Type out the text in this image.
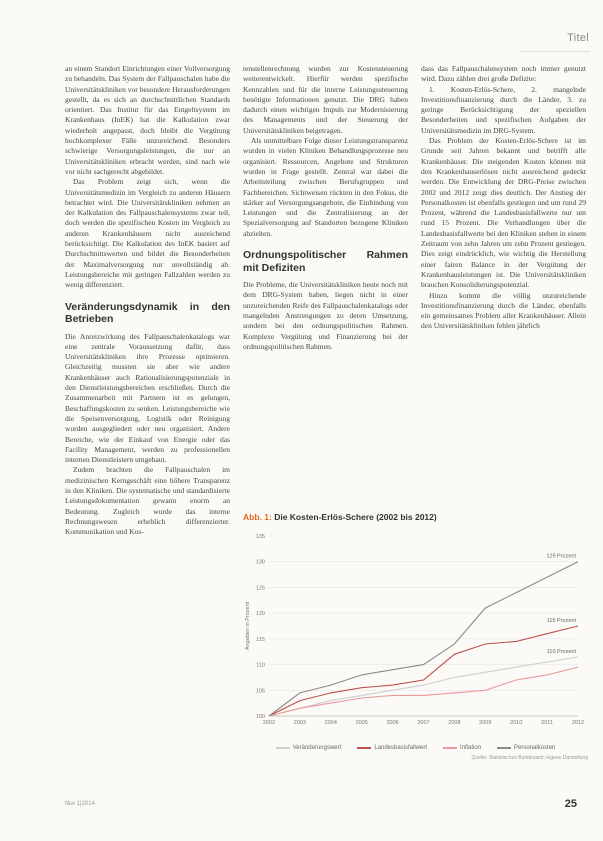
Titel

an einem Standort Einrichtungen einer Vollversorgung zu behandeln. Das System der Fallpauschalen habe die Universitätskliniken vor besondere Herausforderungen gestellt, da es sich an durchschnittlichen Standards orientiert. Das Institut für das Entgeltsystem im Krankenhaus (InEK) hat die Kalkulation zwar wiederholt angepasst, doch bleibt die Vergütung hochkomplexer Fälle unzureichend. Besonders schwierige Versorgungsleistungen, die nur an Universitätskliniken erbracht werden, sind nach wie vor nicht sachgerecht abgebildet.

Das Problem zeigt sich, wenn die Universitätsmedizin im Vergleich zu anderen Häusern betrachtet wird. Die Universitätskliniken nehmen an der Kalkulation des Fallpauschalensystems zwar teil, doch werden die spezifischen Kosten im Vergleich zu anderen Krankenhäusern nicht ausreichend berücksichtigt. Die Kalkulation des InEK basiert auf Durchschnittswerten und bildet die Besonderheiten der Maximalversorgung nur unvollständig ab. Leistungsbereiche mit geringen Fallzahlen werden zu wenig differenziert.

Veränderungsdynamik in den Betrieben

Die Anreizwirkung des Fallpauschalenkatalogs war eine zentrale Voraussetzung dafür, dass Universitätskliniken ihre Prozesse optimieren. Gleichzeitig mussten sie aber wie andere Krankenhäuser auch Rationalisierungspotenziale in den Dienstleistungsbereichen erschließen. Durch die Zusammenarbeit mit Partnern ist es gelungen, Beschaffungskosten zu senken. Leistungsbereiche wie die Speisenversorgung, Logistik oder Reinigung wurden ausgegliedert oder neu organisiert. Andere Bereiche, wie der Einkauf von Energie oder das Facility Management, werden zu professionellen internen Dienstleistern umgebaut.

Zudem brachten die Fallpauschalen im medizinischen Kerngeschäft eine höhere Transparenz in den Kliniken. Die systematische und standardisierte Leistungsdokumentation gewann enorm an Bedeutung. Zugleich wurde das interne Rechnungswesen erheblich differenzierter. Kommunikation und Kos-

tenstellenrechnung wurden zur Kostensteuerung weiterentwickelt. Hierfür werden spezifische Kennzahlen und für die interne Leistungssteuerung benötigte Informationen genutzt. Die DRG haben dadurch einen wichtigen Impuls zur Modernisierung des Managements und der Steuerung der Universitätskliniken beigetragen.

Als unmittelbare Folge dieser Leistungstransparenz wurden in vielen Kliniken Behandlungsprozesse neu organisiert. Ressourcen, Angebote und Strukturen wurden in Frage gestellt. Zentral war dabei die Arbeitsteilung zwischen Berufsgruppen und Fachbereichen. Sichtweisen rückten in den Fokus, die stärker auf Versorgungsangebote, die Einbindung von Leistungen und die Zentralisierung an der Spezialversorgung auf Standorten bezogene Kliniken abzielten.

Ordnungspolitischer Rahmen mit Defiziten

Die Probleme, die Universitätskliniken heute noch mit dem DRG-System haben, liegen nicht in einer unzureichenden Reife des Fallpauschalenkatalogs oder mangelnden Anstrengungen zu deren Umsetzung, sondern bei den ordnungspolitischen Rahmen. Komplexe Vergütung und Finanzierung bei der ordnungspolitischen Rahmen.

dass das Fallpauschalensystem noch immer genutzt wird. Dazu zählen drei große Defizite:

1. Kosten-Erlös-Schere, 2. mangelnde Investitionsfinanzierung durch die Länder, 3. zu geringe Berücksichtigung der speziellen Besonderheiten und spezifischen Aufgaben der Universitätsmedizin im DRG-System.

Das Problem der Kosten-Erlös-Schere ist im Grunde seit Jahren bekannt und betrifft alle Krankenhäuser. Die steigenden Kosten können mit den Krankenhauserlösen nicht ausreichend gedeckt werden. Die Entwicklung der DRG-Preise zwischen 2002 und 2012 zeigt dies deutlich. Der Anstieg der Personalkosten ist ebenfalls gestiegen und um rund 29 Prozent, während die Landesbasisfallwerte nur um rund 15 Prozent. Die Verhandlungen über die Landesbasisfallwerte bei den Kliniken stehen in einem Zeitraum von zehn Jahren um zehn Prozent gestiegen. Dies zeigt eindrücklich, wie wichtig die Herstellung einer fairen Balance in der Vergütung der Krankenhausleistungen ist. Die Universitätskliniken brauchen Konsolidierungspotenzial.

Hinzu kommt die völlig unzureichende Investitionsfinanzierung durch die Länder, ebenfalls ein gemeinsames Problem aller Krankenhäuser. Allein den Universitätskliniken fehlen jährlich

Abb. 1: Die Kosten-Erlös-Schere (2002 bis 2012)
100
105
110
115
120
125
130
135
2002	2003	2004	2005	2006	2007	2008	2009	2010	2011	2012
Angaben in Prozent
129 Prozent
115 Prozent
110 Prozent
Veränderungswert	Landesbasisfallwert	Inflation	Personalkosten
Quelle: Statistisches Bundesamt; eigene Darstellung
f&w 1|2014	25
